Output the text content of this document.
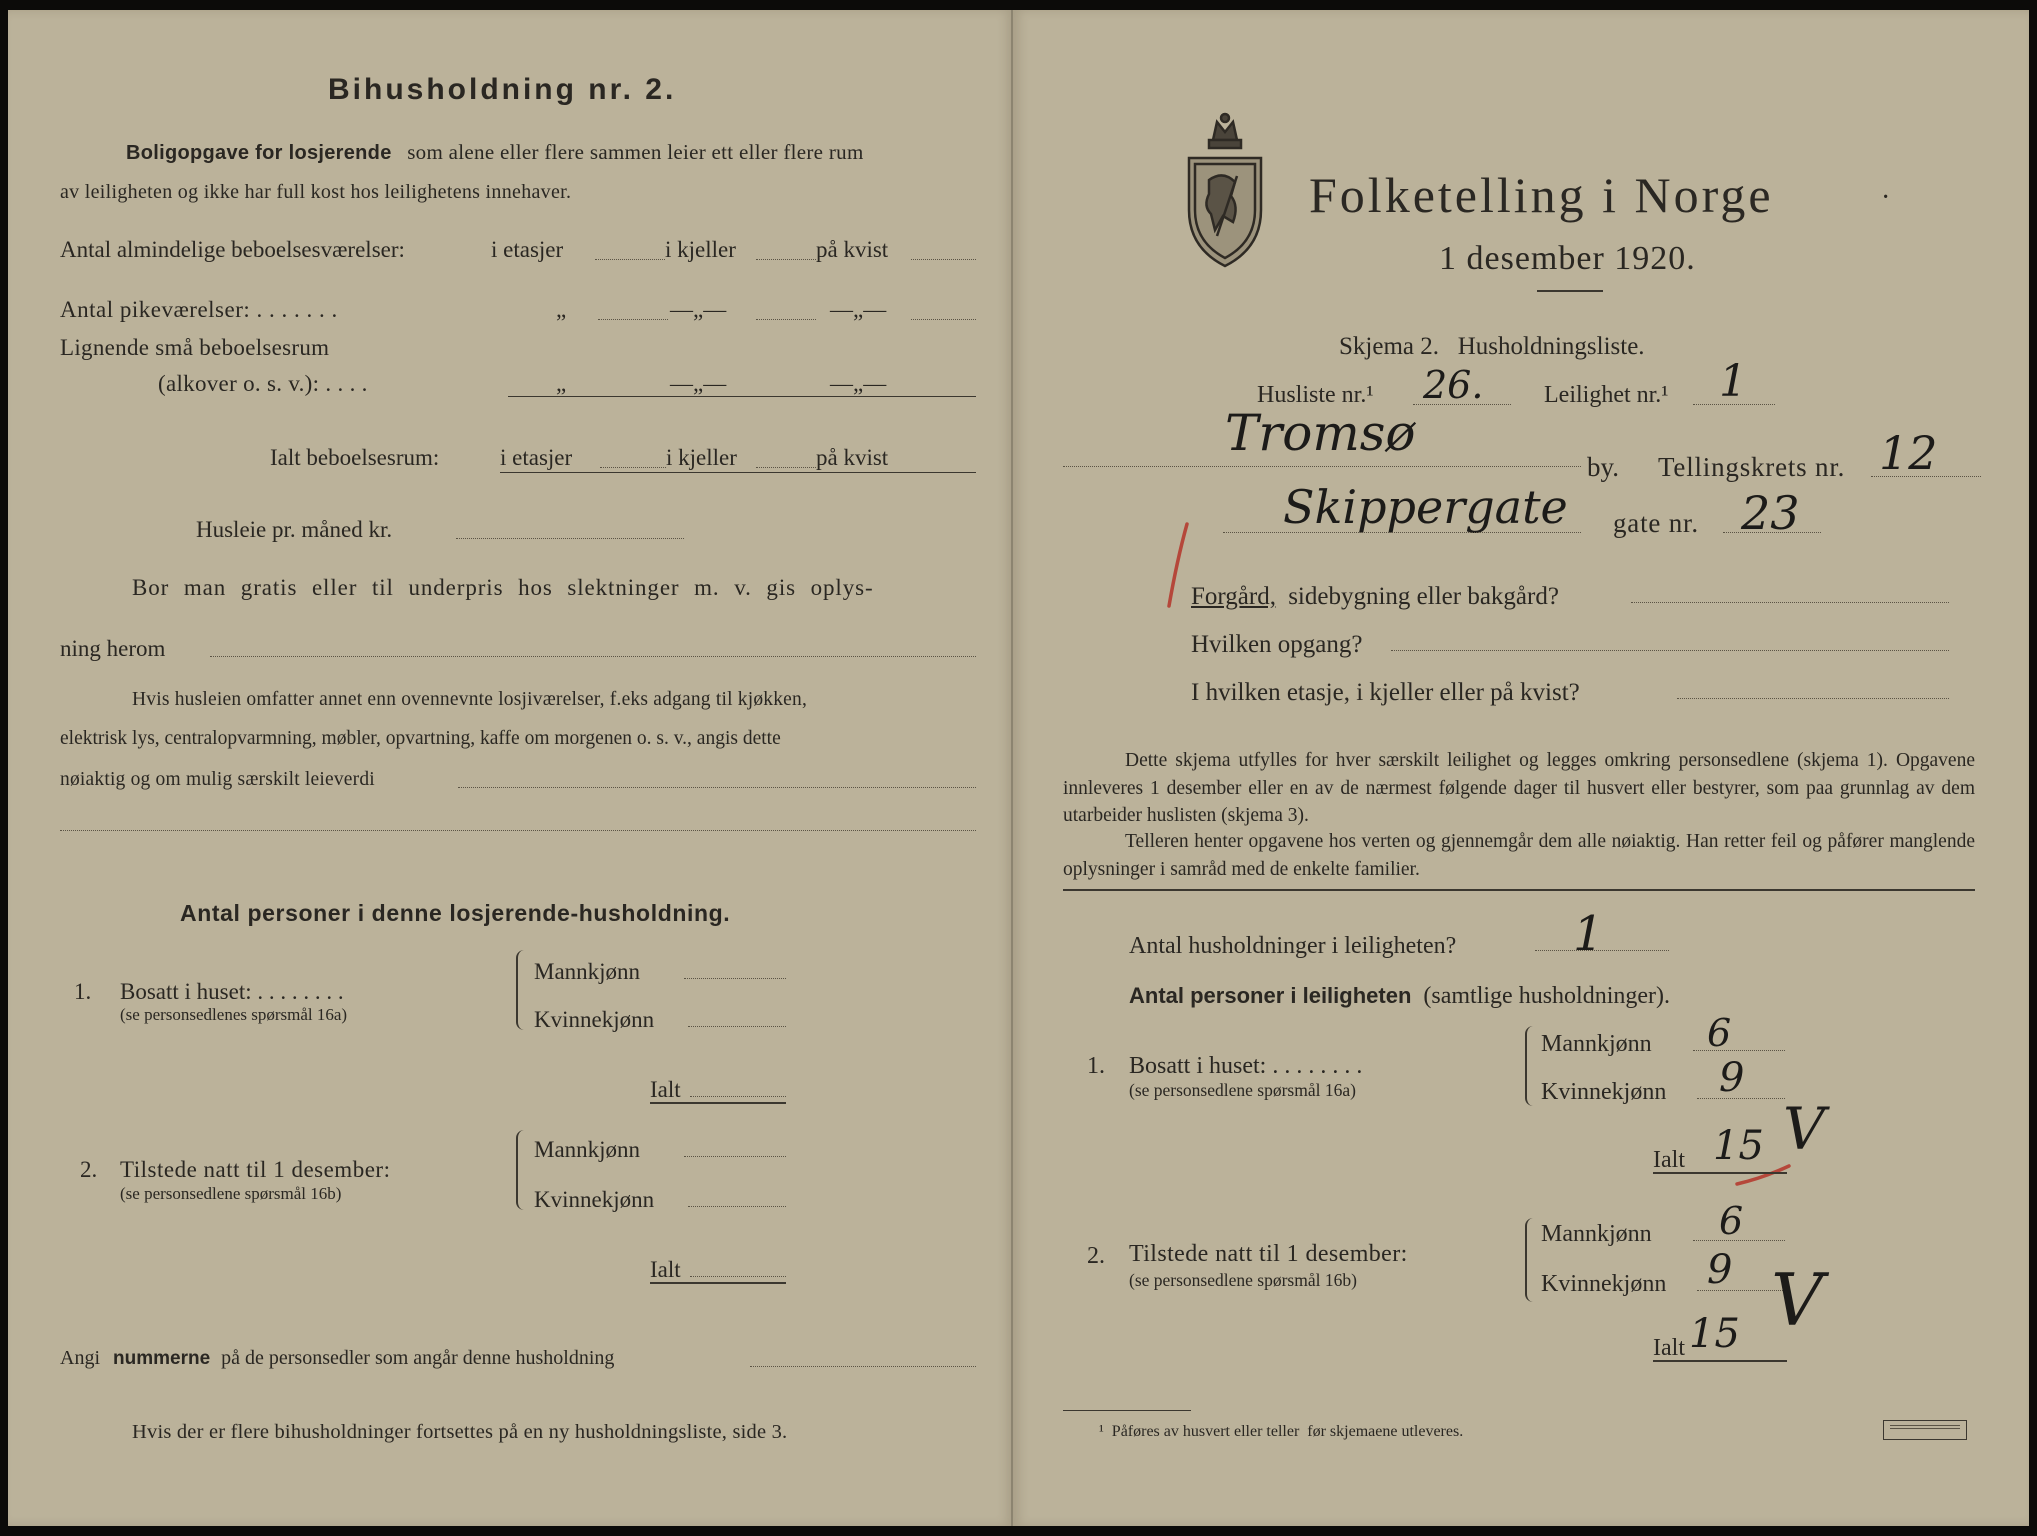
Bihusholdning nr. 2.
Boligopgave for losjerende som alene eller flere sammen leier ett eller flere rum
av leiligheten og ikke har full kost hos leilighetens innehaver.
Antal almindelige beboelsesværelser:	i etasjer	i kjeller	på kvist
Antal pikeværelser: . . . . . . .	„	—„—	—„—
Lignende små beboelsesrum
(alkover o. s. v.): . . . .	„	—„—	—„—
Ialt beboelsesrum:	i etasjer	i kjeller	på kvist
Husleie pr. måned kr.
Bor man gratis eller til underpris hos slektninger m. v. gis oplys-
ning herom
Hvis husleien omfatter annet enn ovennevnte losjiværelser, f.eks adgang til kjøkken,
elektrisk lys, centralopvarmning, møbler, opvartning, kaffe om morgenen o. s. v., angis dette
nøiaktig og om mulig særskilt leieverdi
Antal personer i denne losjerende-husholdning.
1. Bosatt i huset: . . . . . . . .
(se personsedlenes spørsmål 16a)
Mannkjønn
Kvinnekjønn
Ialt
2. Tilstede natt til 1 desember:
(se personsedlene spørsmål 16b)
Mannkjønn
Kvinnekjønn
Ialt
Angi nummerne på de personsedler som angår denne husholdning
Hvis der er flere bihusholdninger fortsettes på en ny husholdningsliste, side 3.
Folketelling i Norge	·
1 desember 1920.
Skjema 2.   Husholdningsliste.
Husliste nr.¹ 26.	Leilighet nr.¹ 1
Tromsø
by. Tellingskrets nr. 12
Skippergate gate nr. 23
Forgård, sidebygning eller bakgård?
Hvilken opgang?
I hvilken etasje, i kjeller eller på kvist?
Dette skjema utfylles for hver særskilt leilighet og legges omkring personsedlene (skjema 1). Opgavene innleveres 1 desember eller en av de nærmest følgende dager til husvert eller bestyrer, som paa grunnlag av dem utarbeider huslisten (skjema 3).
Telleren henter opgavene hos verten og gjennemgår dem alle nøiaktig. Han retter feil og påfører manglende oplysninger i samråd med de enkelte familier.
Antal husholdninger i leiligheten? 1
Antal personer i leiligheten (samtlige husholdninger).
1. Bosatt i huset: . . . . . . . .
(se personsedlene spørsmål 16a)
Mannkjønn 6
Kvinnekjønn 9
Ialt 15 V
2. Tilstede natt til 1 desember:
(se personsedlene spørsmål 16b)
Mannkjønn 6
Kvinnekjønn 9
Ialt 15 V
¹  Påføres av husvert eller teller  før skjemaene utleveres.
